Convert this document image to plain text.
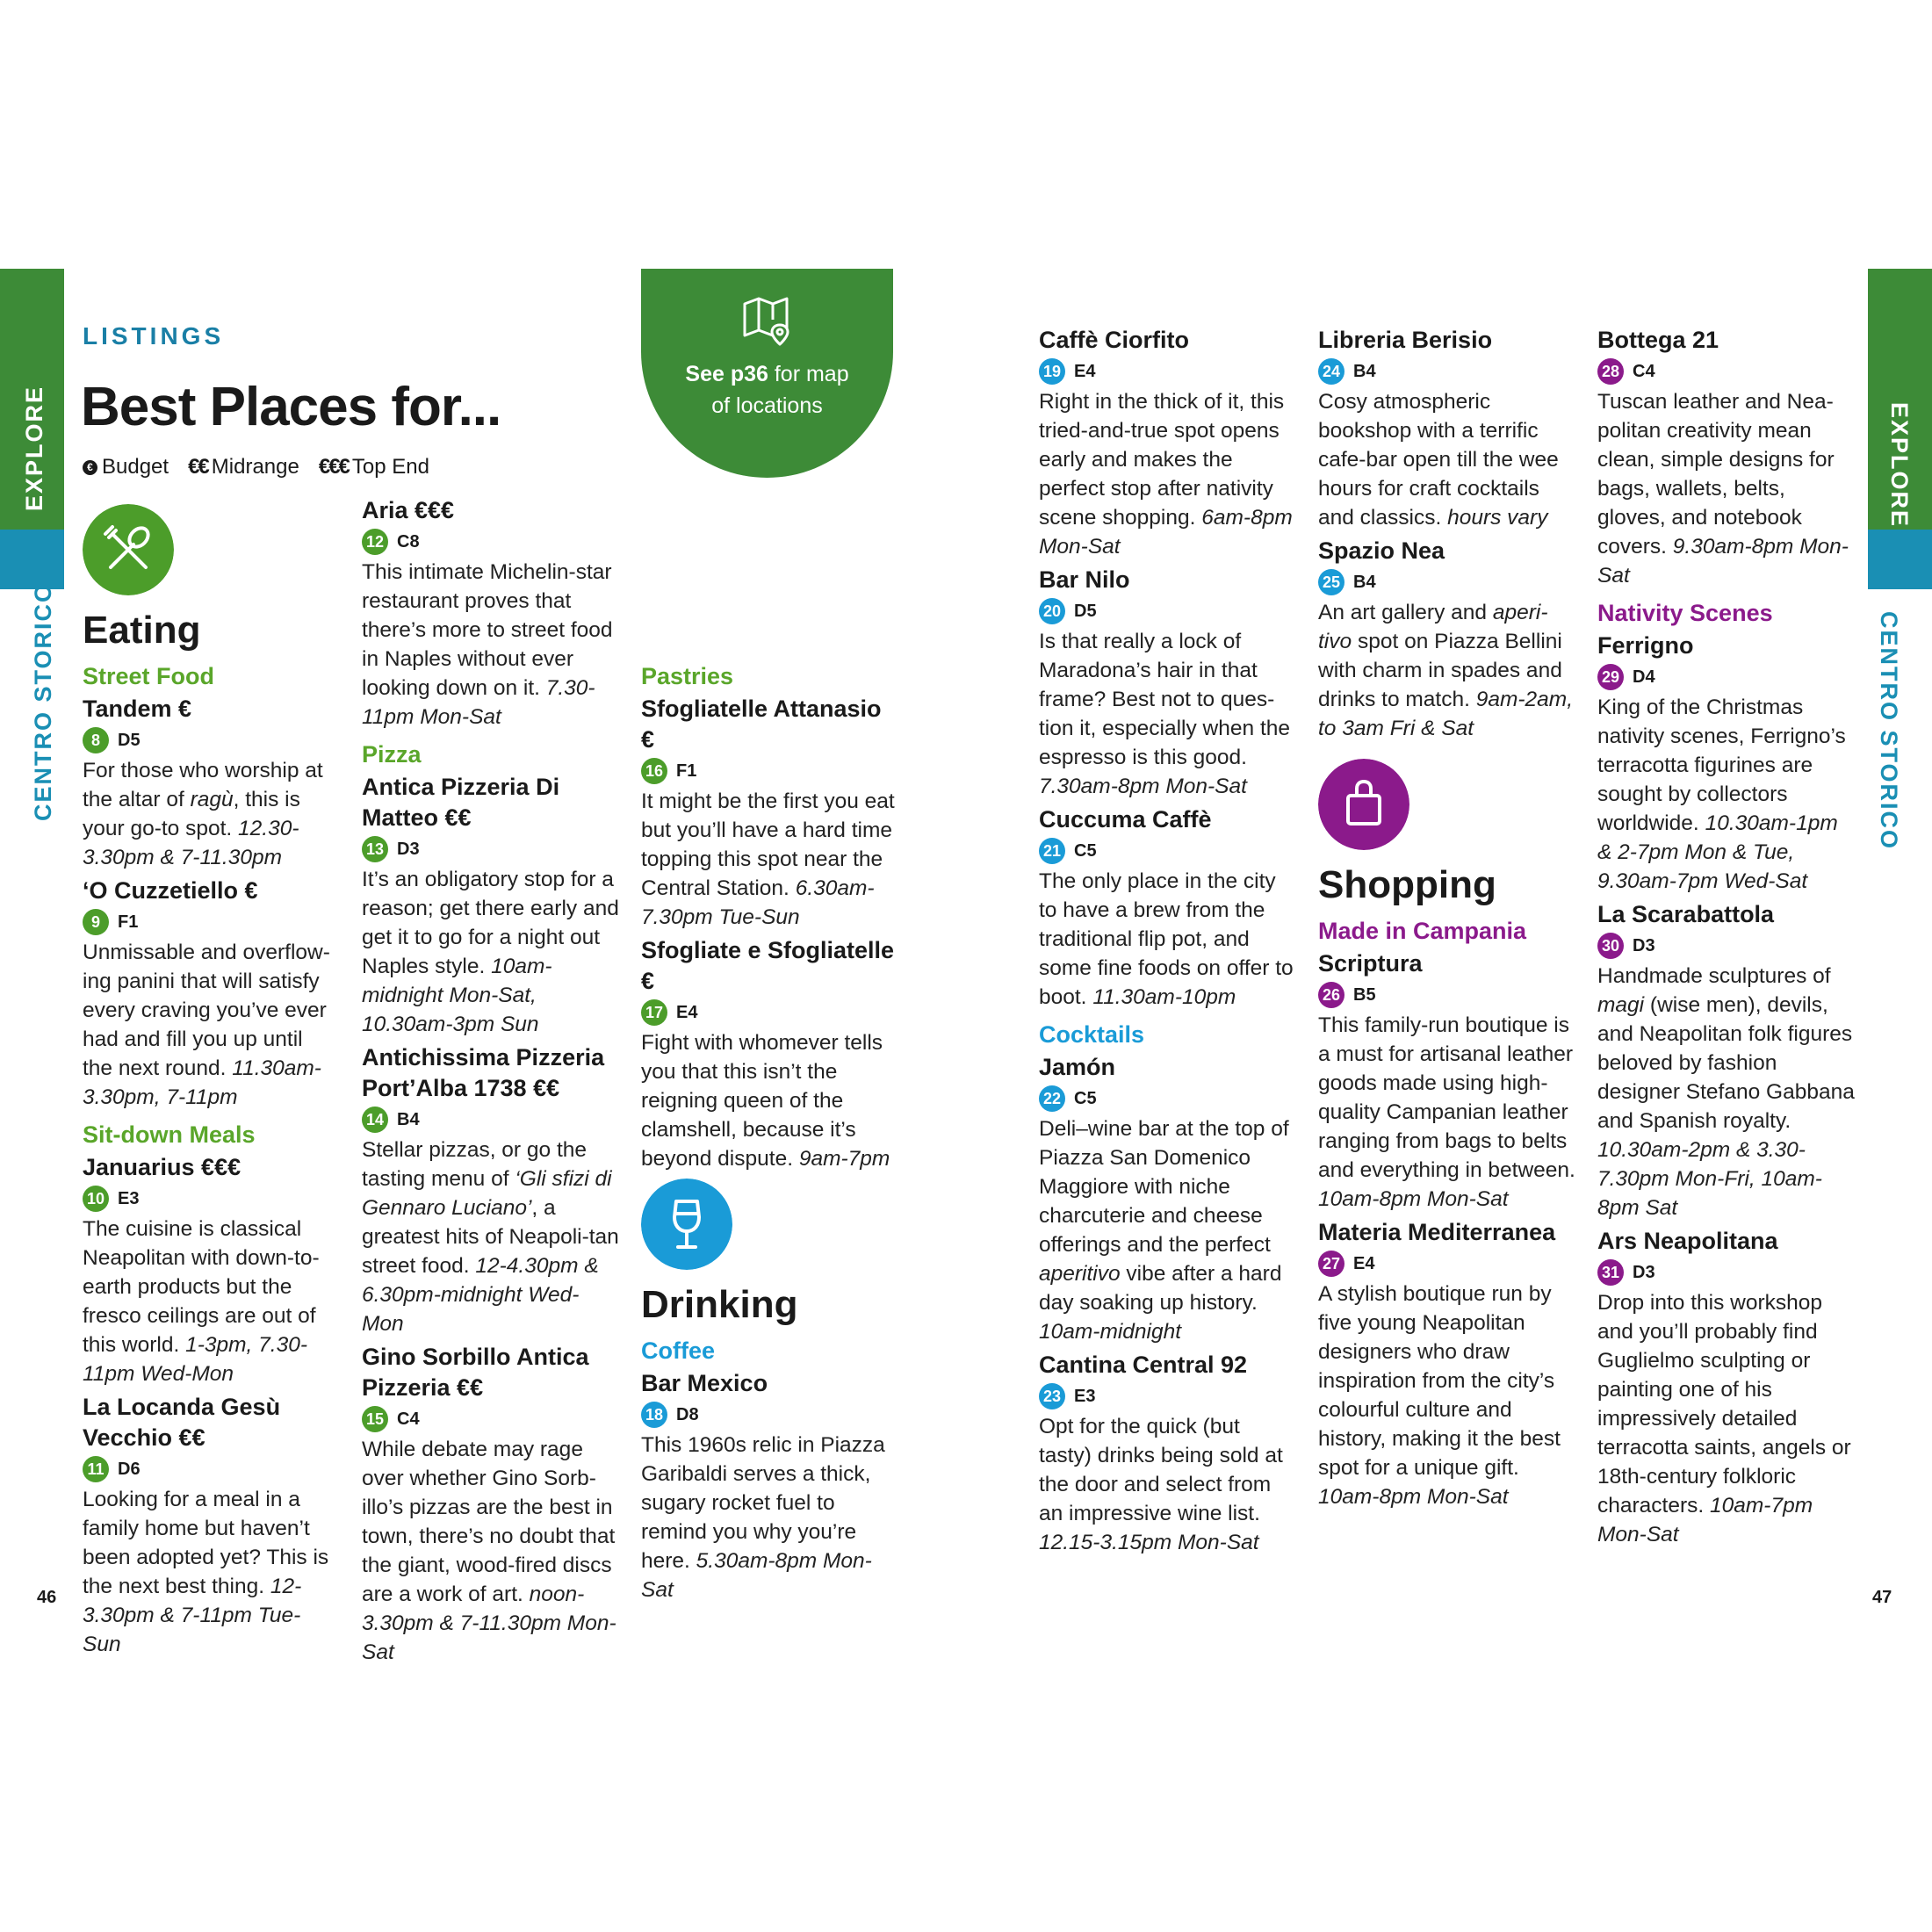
EXPLORE
CENTRO STORICO
EXPLORE
CENTRO STORICO
LISTINGS
Best Places for...
€ Budget €€ Midrange €€€ Top End
See p36 for map
of locations
Eating
Street Food
Tandem €
8	D5

For those who worship at the altar of ragù, this is your go-to spot. 12.30-3.30pm & 7-11.30pm

‘O Cuzzetiello €
9	F1

Unmissable and overflow-ing panini that will satisfy every craving you’ve ever had and fill you up until the next round. 11.30am-3.30pm, 7-11pm

Sit-down Meals
Januarius €€€
10 E3

The cuisine is classical Neapolitan with down-to-earth products but the fresco ceilings are out of this world. 1-3pm, 7.30-11pm Wed-Mon

La Locanda Gesù Vecchio €€
11 D6

Looking for a meal in a family home but haven’t been adopted yet? This is the next best thing. 12-3.30pm & 7-11pm Tue-Sun

Aria €€€
12 C8

This intimate Michelin-star restaurant proves that there’s more to street food in Naples without ever looking down on it. 7.30-11pm Mon-Sat

Pizza
Antica Pizzeria Di Matteo €€
13 D3

It’s an obligatory stop for a reason; get there early and get it to go for a night out Naples style. 10am-midnight Mon-Sat, 10.30am-3pm Sun

Antichissima Pizzeria Port’Alba 1738 €€
14 B4

Stellar pizzas, or go the tasting menu of ‘Gli sfizi di Gennaro Luciano’, a greatest hits of Neapoli-tan street food. 12-4.30pm & 6.30pm-midnight Wed-Mon

Gino Sorbillo Antica Pizzeria €€
15 C4

While debate may rage over whether Gino Sorb-illo’s pizzas are the best in town, there’s no doubt that the giant, wood-fired discs are a work of art. noon-3.30pm & 7-11.30pm Mon-Sat

Pastries
Sfogliatelle Attanasio €
16 F1

It might be the first you eat but you’ll have a hard time topping this spot near the Central Station. 6.30am-7.30pm Tue-Sun

Sfogliate e Sfogliatelle €
17 E4

Fight with whomever tells you that this isn’t the reigning queen of the clamshell, because it’s beyond dispute. 9am-7pm

Drinking
Coffee
Bar Mexico
18 D8

This 1960s relic in Piazza Garibaldi serves a thick, sugary rocket fuel to remind you why you’re here. 5.30am-8pm Mon-Sat

Caffè Ciorfito
19 E4

Right in the thick of it, this tried-and-true spot opens early and makes the perfect stop after nativity scene shopping. 6am-8pm Mon-Sat

Bar Nilo
20 D5

Is that really a lock of Maradona’s hair in that frame? Best not to ques-tion it, especially when the espresso is this good. 7.30am-8pm Mon-Sat

Cuccuma Caffè
21 C5

The only place in the city to have a brew from the traditional flip pot, and some fine foods on offer to boot. 11.30am-10pm

Cocktails
Jamón
22 C5

Deli–wine bar at the top of Piazza San Domenico Maggiore with niche charcuterie and cheese offerings and the perfect aperitivo vibe after a hard day soaking up history. 10am-midnight

Cantina Central 92
23 E3

Opt for the quick (but tasty) drinks being sold at the door and select from an impressive wine list. 12.15-3.15pm Mon-Sat

Libreria Berisio
24 B4

Cosy atmospheric bookshop with a terrific cafe-bar open till the wee hours for craft cocktails and classics. hours vary

Spazio Nea
25 B4

An art gallery and aperi-tivo spot on Piazza Bellini with charm in spades and drinks to match. 9am-2am, to 3am Fri & Sat

Shopping
Made in Campania
Scriptura
26 B5

This family-run boutique is a must for artisanal leather goods made using high-quality Campanian leather ranging from bags to belts and everything in between. 10am-8pm Mon-Sat

Materia Mediterranea
27 E4

A stylish boutique run by five young Neapolitan designers who draw inspiration from the city’s colourful culture and history, making it the best spot for a unique gift. 10am-8pm Mon-Sat

Bottega 21
28 C4

Tuscan leather and Nea-politan creativity mean clean, simple designs for bags, wallets, belts, gloves, and notebook covers. 9.30am-8pm Mon-Sat

Nativity Scenes
Ferrigno
29 D4

King of the Christmas nativity scenes, Ferrigno’s terracotta figurines are sought by collectors worldwide. 10.30am-1pm & 2-7pm Mon & Tue, 9.30am-7pm Wed-Sat

La Scarabattola
30 D3

Handmade sculptures of magi (wise men), devils, and Neapolitan folk figures beloved by fashion designer Stefano Gabbana and Spanish royalty. 10.30am-2pm & 3.30-7.30pm Mon-Fri, 10am-8pm Sat

Ars Neapolitana
31 D3

Drop into this workshop and you’ll probably find Guglielmo sculpting or painting one of his impressively detailed terracotta saints, angels or 18th-century folkloric characters. 10am-7pm Mon-Sat

46	47
